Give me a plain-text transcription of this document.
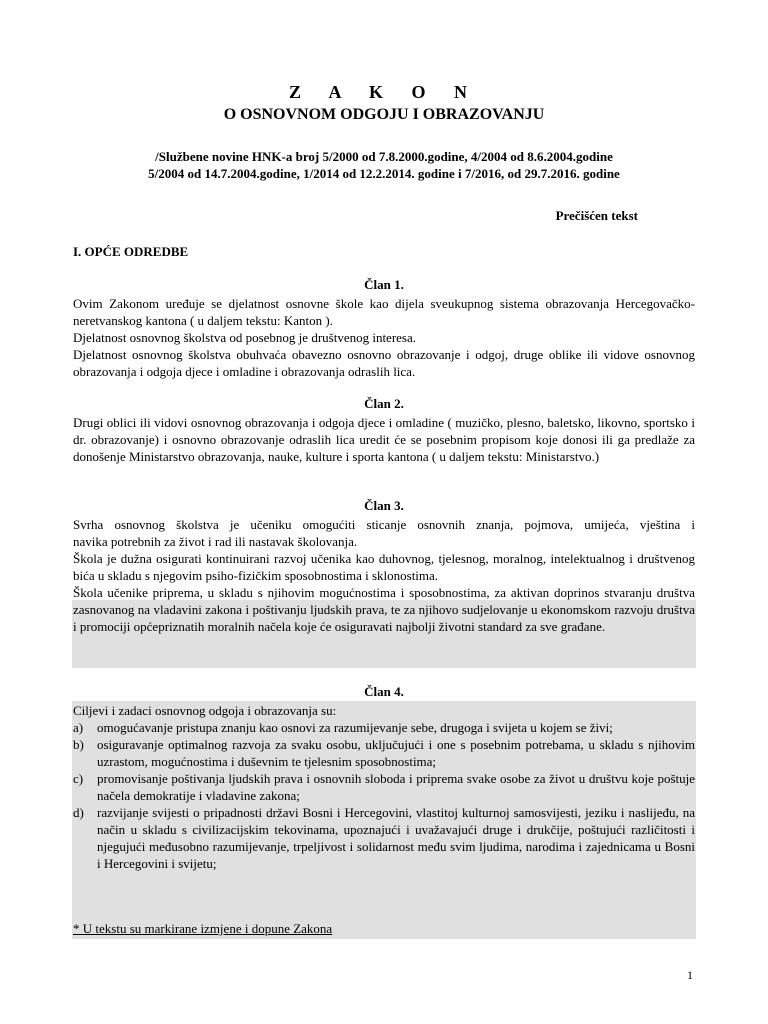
Z A K O N
O OSNOVNOM ODGOJU I OBRAZOVANJU
/Službene novine HNK-a broj 5/2000 od 7.8.2000.godine, 4/2004 od 8.6.2004.godine
5/2004 od 14.7.2004.godine, 1/2014 od 12.2.2014. godine i 7/2016, od 29.7.2016. godine
Prečišćen tekst
I. OPĆE ODREDBE
Član 1.

Ovim Zakonom uređuje se djelatnost osnovne škole kao dijela sveukupnog sistema obrazovanja Hercegovačko-neretvanskog kantona ( u daljem tekstu: Kanton ).

Djelatnost osnovnog školstva od posebnog je društvenog interesa.

Djelatnost osnovnog školstva obuhvaća obavezno osnovno obrazovanje i odgoj, druge oblike ili vidove osnovnog obrazovanja i odgoja djece i omladine i obrazovanja odraslih lica.

Član 2.

Drugi oblici ili vidovi osnovnog obrazovanja i odgoja djece i omladine ( muzičko, plesno, baletsko, likovno, sportsko i dr. obrazovanje) i osnovno obrazovanje odraslih lica uredit će se posebnim propisom koje donosi ili ga predlaže za donošenje Ministarstvo obrazovanja, nauke, kulture i sporta kantona ( u daljem tekstu: Ministarstvo.)

Član 3.

Svrha osnovnog školstva je učeniku omogućiti sticanje osnovnih znanja, pojmova, umijeća, vještina i

navika potrebnih za život i rad ili nastavak školovanja.

Škola je dužna osigurati kontinuirani razvoj učenika kao duhovnog, tjelesnog, moralnog, intelektualnog i društvenog bića u skladu s njegovim psiho-fizičkim sposobnostima i sklonostima.

Škola učenike priprema, u skladu s njihovim mogućnostima i sposobnostima, za aktivan doprinos stvaranju društva zasnovanog na vladavini zakona i poštivanju ljudskih prava, te za njihovo sudjelovanje u ekonomskom razvoju društva i promociji općepriznatih moralnih načela koje će osiguravati najbolji životni standard za sve građane.

Član 4.

Ciljevi i zadaci osnovnog odgoja i obrazovanja su:

a) omogućavanje pristupa znanju kao osnovi za razumijevanje sebe, drugoga i svijeta u kojem se živi;
b) osiguravanje optimalnog razvoja za svaku osobu, uključujući i one s posebnim potrebama, u skladu s njihovim uzrastom, mogućnostima i duševnim te tjelesnim sposobnostima;
c) promovisanje poštivanja ljudskih prava i osnovnih sloboda i priprema svake osobe za život u društvu koje poštuje načela demokratije i vladavine zakona;
d) razvijanje svijesti o pripadnosti državi Bosni i Hercegovini, vlastitoj kulturnoj samosvijesti, jeziku i naslijeđu, na način u skladu s civilizacijskim tekovinama, upoznajući i uvažavajući druge i drukčije, poštujući različitosti i njegujući međusobno razumijevanje, trpeljivost i solidarnost među svim ljudima, narodima i zajednicama u Bosni i Hercegovini i svijetu;
* U tekstu su markirane izmjene i dopune Zakona
1
